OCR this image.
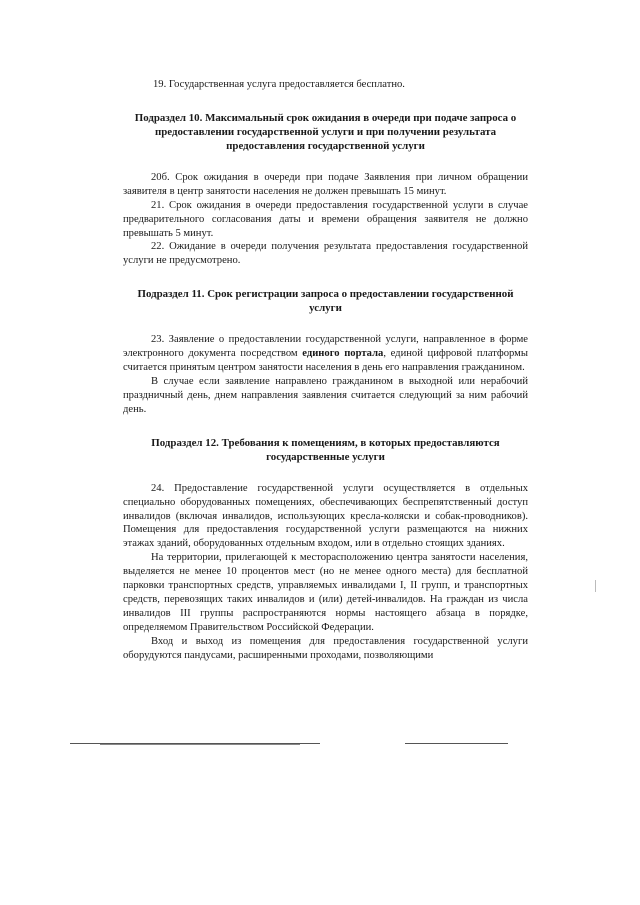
19. Государственная услуга предоставляется бесплатно.

Подраздел 10. Максимальный срок ожидания в очереди при подаче запроса о предоставлении государственной услуги и при получении результата предоставления государственной услуги

20б. Срок ожидания в очереди при подаче Заявления при личном обращении заявителя в центр занятости населения не должен превышать 15 минут.

21. Срок ожидания в очереди предоставления государственной услуги в случае предварительного согласования даты и времени обращения заявителя не должно превышать 5 минут.

22. Ожидание в очереди получения результата предоставления государственной услуги не предусмотрено.

Подраздел 11. Срок регистрации запроса о предоставлении государственной услуги

23. Заявление о предоставлении государственной услуги, направленное в форме электронного документа посредством единого портала, единой цифровой платформы считается принятым центром занятости населения в день его направления гражданином.

В случае если заявление направлено гражданином в выходной или нерабочий праздничный день, днем направления заявления считается следующий за ним рабочий день.

Подраздел 12. Требования к помещениям, в которых предоставляются государственные услуги

24. Предоставление государственной услуги осуществляется в отдельных специально оборудованных помещениях, обеспечивающих беспрепятственный доступ инвалидов (включая инвалидов, использующих кресла-коляски и собак-проводников). Помещения для предоставления государственной услуги размещаются на нижних этажах зданий, оборудованных отдельным входом, или в отдельно стоящих зданиях.

На территории, прилегающей к месторасположению центра занятости населения, выделяется не менее 10 процентов мест (но не менее одного места) для бесплатной парковки транспортных средств, управляемых инвалидами I, II групп, и транспортных средств, перевозящих таких инвалидов и (или) детей-инвалидов. На граждан из числа инвалидов III группы распространяются нормы настоящего абзаца в порядке, определяемом Правительством Российской Федерации.

Вход и выход из помещения для предоставления государственной услуги оборудуются пандусами, расширенными проходами, позволяющими
